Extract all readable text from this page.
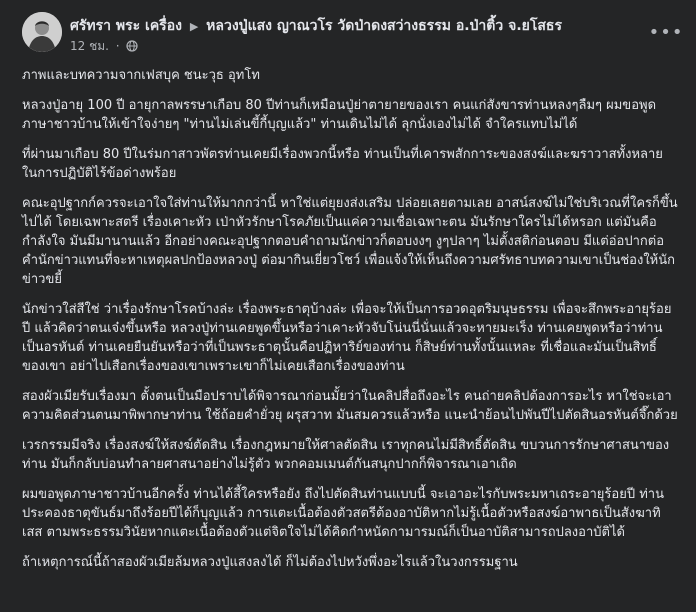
ศรัทรา พระ เครื่อง ▶ หลวงปู่แสง ญาณวโร วัดป่าดงสว่างธรรม อ.ป่าติ้ว จ.ยโสธร
12 ชม. ·
•••

ภาพและบทความจากเฟสบุค ชนะวุธ อุทโท

หลวงปู่อายุ 100 ปี อายุกาลพรรษาเกือบ 80 ปีท่านก็เหมือนปู่ย่าตายายของเรา คนแก่สังขารท่านหลงๆลืมๆ ผมขอพูดภาษาชาวบ้านให้เข้าใจง่ายๆ "ท่านไม่เล่นขี้กี้บุญแล้ว" ท่านเดินไม่ได้ ลุกนั่งเองไม่ได้ จำใครแทบไม่ได้

ที่ผ่านมาเกือบ 80 ปีในร่มกาสาวพัตรท่านเคยมีเรื่องพวกนี้หรือ ท่านเป็นที่เคารพสักการะของสงฆ์และฆราวาสทั้งหลายในการปฏิบัติไร้ข้อด่างพร้อย

คณะอุปฐากก์ควรจะเอาใจใส่ท่านให้มากกว่านี้ หาใช่แต่ยุยงส่งเสริม ปล่อยเลยตามเลย อาสน์สงฆ์ไม่ใช่บริเวณที่ใครก็ขึ้นไปได้ โดยเฉพาะสตรี เรื่องเคาะหัว เป่าหัวรักษาโรคภัยเป็นแค่ความเชื่อเฉพาะตน มันรักษาใครไม่ได้หรอก แต่มันคือกำลังใจ มันมีมานานแล้ว อีกอย่างคณะอุปฐากตอบคำถามนักข่าวก็ตอบงงๆ งูๆปลาๆ ไม่ตั้งสติก่อนตอบ มีแต่อ่อปากต่อคำนักข่าวแทนที่จะหาเหตุผลปกป้องหลวงปู่ ต่อมากินเยี่ยวโชว์ เพื่อแจ้งให้เห็นถึงความศรัทธาบทความเขาเป็นช่องให้นักข่าวขยี้

นักข่าวใส่สีใช่ ว่าเรื่องรักษาโรคบ้างล่ะ เรื่องพระธาตุบ้างล่ะ เพื่อจะให้เป็นการอวดอุตริมนุษธรรม เพื่อจะสึกพระอายุร้อยปี แล้วคิดว่าตนเจ๋งขึ้นหรือ หลวงปู่ท่านเคยพูดขึ้นหรือว่าเคาะหัวจับโน่นนี่นั่นแล้วจะหายมะเร็ง ท่านเคยพูดหรือว่าท่านเป็นอรหันต์ ท่านเคยยืนยันหรือว่าที่เป็นพระธาตุนั้นคือปฏิหาริย์ของท่าน ก็สิษย์ท่านทั้งนั้นแหละ ที่เชื่อและมันเป็นสิทธิ์ของเขา อย่าไปเสือกเรื่องของเขาเพราะเขาก็ไม่เคยเสือกเรื่องของท่าน

สองผัวเมียรับเรื่องมา ตั้งตนเป็นมือปราบได้พิจารณาก่อนมั้ยว่าในคลิปสื่อถึงอะไร คนถ่ายคลิปต้องการอะไร หาใช่จะเอาความคิดส่วนตนมาพิพากษาท่าน ใช้ถ้อยคำยั่วยุ ผรุสวาท มันสมควรแล้วหรือ แนะนำย้อนไปพันปีไปตัดสินอรหันต์จึ๊กด้วย

เวรกรรมมีจริง เรื่องสงฆ์ให้สงฆ์ตัดสิน เรื่องกฎหมายให้ศาลตัดสิน เราทุกคนไม่มีสิทธิ์ตัดสิน ขบวนการรักษาศาสนาของท่าน มันก็กลับบ่อนทำลายศาสนาอย่างไม่รู้ตัว พวกคอมเมนต์กันสนุกปากก็พิจารณาเอาเถิด

ผมขอพูดภาษาชาวบ้านอีกครั้ง ท่านได้สี้ใครหรือยัง ถึงไปตัดสินท่านแบบนี้ จะเอาอะไรกับพระมหาเถระอายุร้อยปี ท่านประคองธาตุขันธ์มาถึงร้อยปีได้ก็บุญแล้ว การแตะเนื้อต้องตัวสตรีต้องอาบัติหากไม่รู้เนื้อตัวหรือสงฆ์อาพาธเป็นสังฆาทิเสส ตามพระธรรมวินัยหากแตะเนื้อต้องตัวแต่จิตใจไม่ได้คิดกำหนัดกามารมณ์ก็เป็นอาบัติสามารถปลงอาบัติได้

ถ้าเหตุการณ์นี้ถ้าสองผัวเมียล้มหลวงปู่แสงลงได้ ก็ไม่ต้องไปหวังพึ่งอะไรแล้วในวงกรรมฐาน
